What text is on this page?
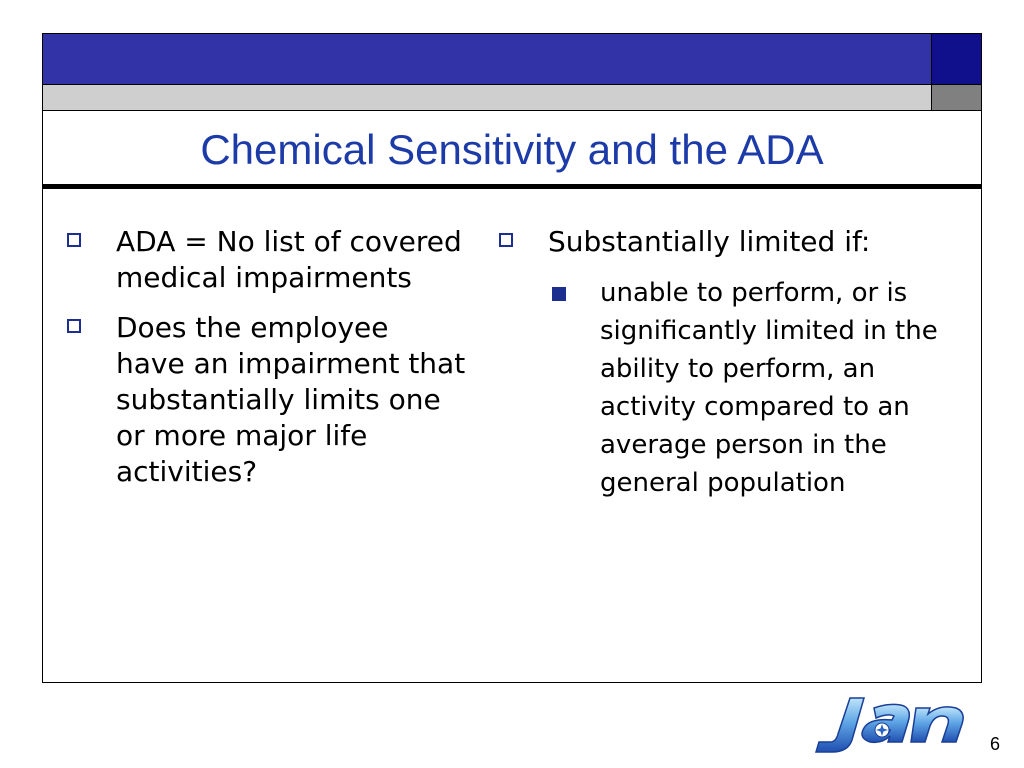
Chemical Sensitivity and the ADA

ADA = No list of covered medical impairments

Does the employee have an impairment that substantially limits one or more major life activities?

Substantially limited if:

unable to perform, or is significantly limited in the ability to perform, an activity compared to an average person in the general population

6
